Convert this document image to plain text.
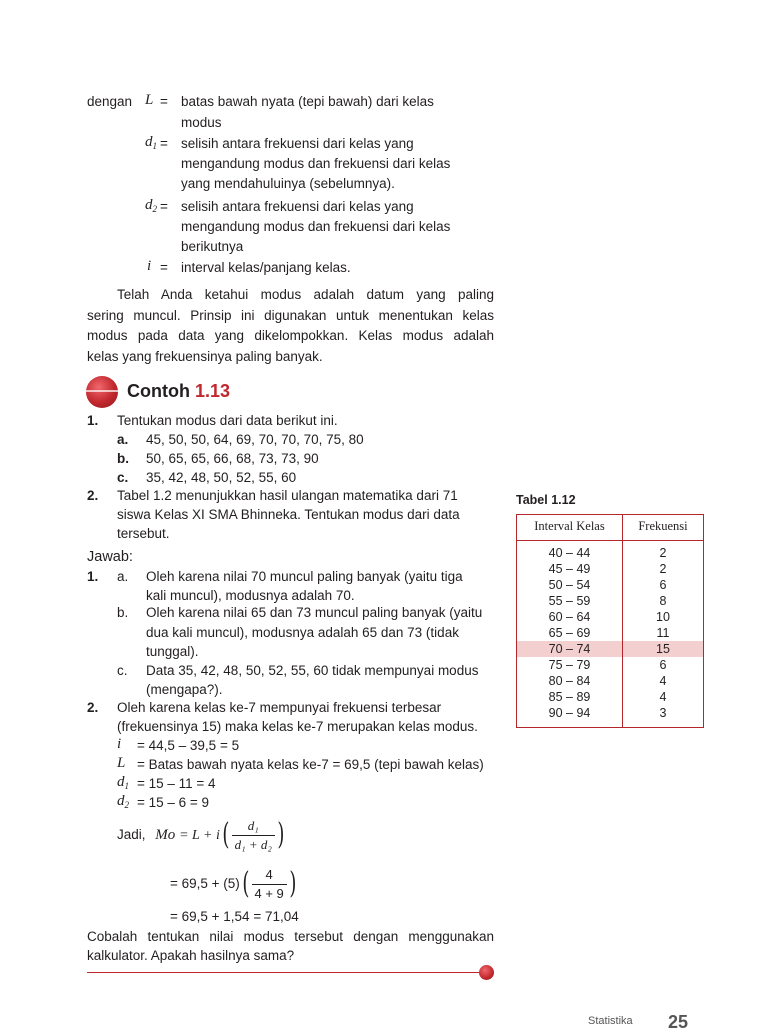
dengan L = batas bawah nyata (tepi bawah) dari kelas
modus
$d_1$ = selisih antara frekuensi dari kelas yang
mengandung modus dan frekuensi dari kelas
yang mendahuluinya (sebelumnya).
$d_2$ = selisih antara frekuensi dari kelas yang
mengandung modus dan frekuensi dari kelas
berikutnya
i = interval kelas/panjang kelas.
Telah Anda ketahui modus adalah datum yang paling
sering muncul. Prinsip ini digunakan untuk menentukan kelas
modus pada data yang dikelompokkan. Kelas modus adalah
kelas yang frekuensinya paling banyak.
Contoh 1.13
1. Tentukan modus dari data berikut ini.
a. 45, 50, 50, 64, 69, 70, 70, 70, 75, 80
b. 50, 65, 65, 66, 68, 73, 73, 90
c. 35, 42, 48, 50, 52, 55, 60
2. Tabel 1.2 menunjukkan hasil ulangan matematika dari 71
siswa Kelas XI SMA Bhinneka. Tentukan modus dari data
tersebut.
Tabel 1.12
Interval Kelas	Frekuensi
40 – 44	2
45 – 49	2
50 – 54	6
55 – 59	8
60 – 64	10
65 – 69	11
70 – 74	15
75 – 79	6
80 – 84	4
85 – 89	4
90 – 94	3
Jawab:
1. a. Oleh karena nilai 70 muncul paling banyak (yaitu tiga
kali muncul), modusnya adalah 70.
b. Oleh karena nilai 65 dan 73 muncul paling banyak (yaitu
dua kali muncul), modusnya adalah 65 dan 73 (tidak
tunggal).
c. Data 35, 42, 48, 50, 52, 55, 60 tidak mempunyai modus
(mengapa?).
2. Oleh karena kelas ke-7 mempunyai frekuensi terbesar
(frekuensinya 15) maka kelas ke-7 merupakan kelas modus.
i = 44,5 – 39,5 = 5
L = Batas bawah nyata kelas ke-7 = 69,5 (tepi bawah kelas)
$d_1 = 15 - 11 = 4$
$d_2 = 15 - 6 = 9$
Jadi, $Mo = L + i( \frac{\text{d₁}}{\text{d₁ + d₂}}$ )
= $69,5 + (5)( \frac{4}{4 + 9}$ )
= 69,5 + 1,54 = 71,04
Cobalah tentukan nilai modus tersebut dengan menggunakan
kalkulator. Apakah hasilnya sama?
Statistika 25
